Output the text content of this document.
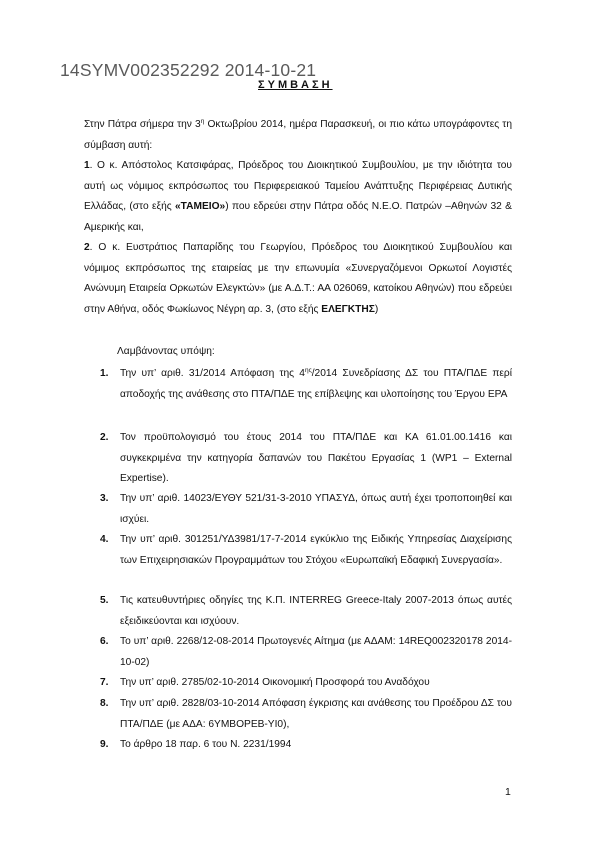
14SYMV002352292 2014-10-21
ΣΥΜΒΑΣΗ
Στην Πάτρα σήμερα την $3^\eta$ Οκτωβρίου 2014, ημέρα Παρασκευή, οι πιο κάτω υπογράφοντες τη σύμβαση αυτή:
1. Ο κ. Απόστολος Κατσιφάρας, Πρόεδρος του Διοικητικού Συμβουλίου, με την ιδιότητα του αυτή ως νόμιμος εκπρόσωπος του Περιφερειακού Ταμείου Ανάπτυξης Περιφέρειας Δυτικής Ελλάδας, (στο εξής «ΤΑΜΕΙΟ») που εδρεύει στην Πάτρα οδός Ν.Ε.Ο. Πατρών –Αθηνών 32 & Αμερικής και,
2. Ο κ. Ευστράτιος Παπαρίδης του Γεωργίου, Πρόεδρος του Διοικητικού Συμβουλίου και νόμιμος εκπρόσωπος της εταιρείας με την επωνυμία «Συνεργαζόμενοι Ορκωτοί Λογιστές Ανώνυμη Εταιρεία Ορκωτών Ελεγκτών» (με Α.Δ.Τ.: ΑΑ 026069, κατοίκου Αθηνών) που εδρεύει στην Αθήνα, οδός Φωκίωνος Νέγρη αρ. 3, (στο εξής ΕΛΕΓΚΤΗΣ)
Λαμβάνοντας υπόψη:
1.	Την υπ’ αριθ. 31/2014 Απόφαση της $4^{\eta\varsigma}/2014$ Συνεδρίασης ΔΣ του ΠΤΑ/ΠΔΕ περί αποδοχής της ανάθεσης στο ΠΤΑ/ΠΔΕ της επίβλεψης και υλοποίησης του Έργου ΕΡΑ
2.	Τον προϋπολογισμό του έτους 2014 του ΠΤΑ/ΠΔΕ και ΚΑ 61.01.00.1416 και συγκεκριμένα την κατηγορία δαπανών του Πακέτου Εργασίας 1 (WP1 – External Expertise).
3.	Την υπ’ αριθ. 14023/ΕΥΘΥ 521/31-3-2010 ΥΠΑΣΥΔ, όπως αυτή έχει τροποποιηθεί και ισχύει.
4.	Την υπ’ αριθ. 301251/ΥΔ3981/17-7-2014 εγκύκλιο της Ειδικής Υπηρεσίας Διαχείρισης των Επιχειρησιακών Προγραμμάτων του Στόχου «Ευρωπαϊκή Εδαφική Συνεργασία».
5.	Τις κατευθυντήριες οδηγίες της Κ.Π. INTERREG Greece-Italy 2007-2013 όπως αυτές εξειδικεύονται και ισχύουν.
6.	Το υπ’ αριθ. 2268/12-08-2014 Πρωτογενές Αίτημα (με ΑΔΑΜ: 14REQ002320178 2014-10-02)
7.	Την υπ’ αριθ. 2785/02-10-2014 Οικονομική Προσφορά του Αναδόχου
8.	Την υπ’ αριθ. 2828/03-10-2014 Απόφαση έγκρισης και ανάθεσης του Προέδρου ΔΣ του ΠΤΑ/ΠΔΕ (με ΑΔΑ: 6ΥΜΒΟΡΕΒ-ΥΙ0),
9.	Το άρθρο 18 παρ. 6 του Ν. 2231/1994
1
